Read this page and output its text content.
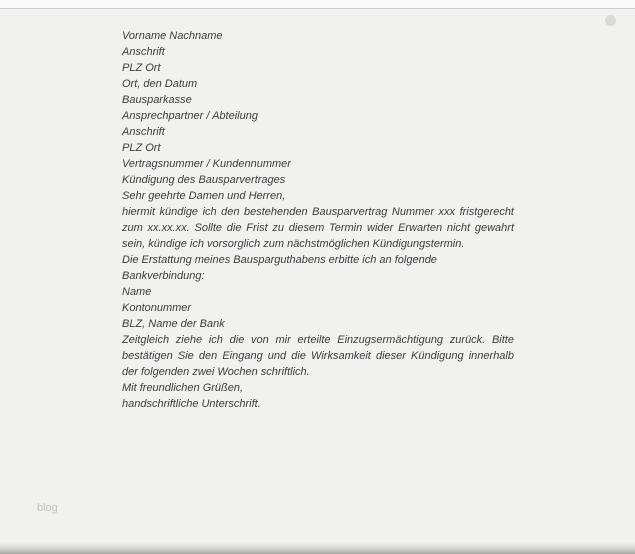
Vorname Nachname
Anschrift
PLZ Ort
Ort, den Datum
Bausparkasse
Ansprechpartner / Abteilung
Anschrift
PLZ Ort
Vertragsnummer / Kundennummer
Kündigung des Bausparvertrages
Sehr geehrte Damen und Herren,

hiermit kündige ich den bestehenden Bausparvertrag Nummer xxx fristgerecht zum xx.xx.xx. Sollte die Frist zu diesem Termin wider Erwarten nicht gewahrt sein, kündige ich vorsorglich zum nächstmöglichen Kündigungstermin.

Die Erstattung meines Bausparguthabens erbitte ich an folgende Bankverbindung:

Name
Kontonummer
BLZ, Name der Bank

Zeitgleich ziehe ich die von mir erteilte Einzugsermächtigung zurück. Bitte bestätigen Sie den Eingang und die Wirksamkeit dieser Kündigung innerhalb der folgenden zwei Wochen schriftlich.

Mit freundlichen Grüßen,
handschriftliche Unterschrift.
blog
